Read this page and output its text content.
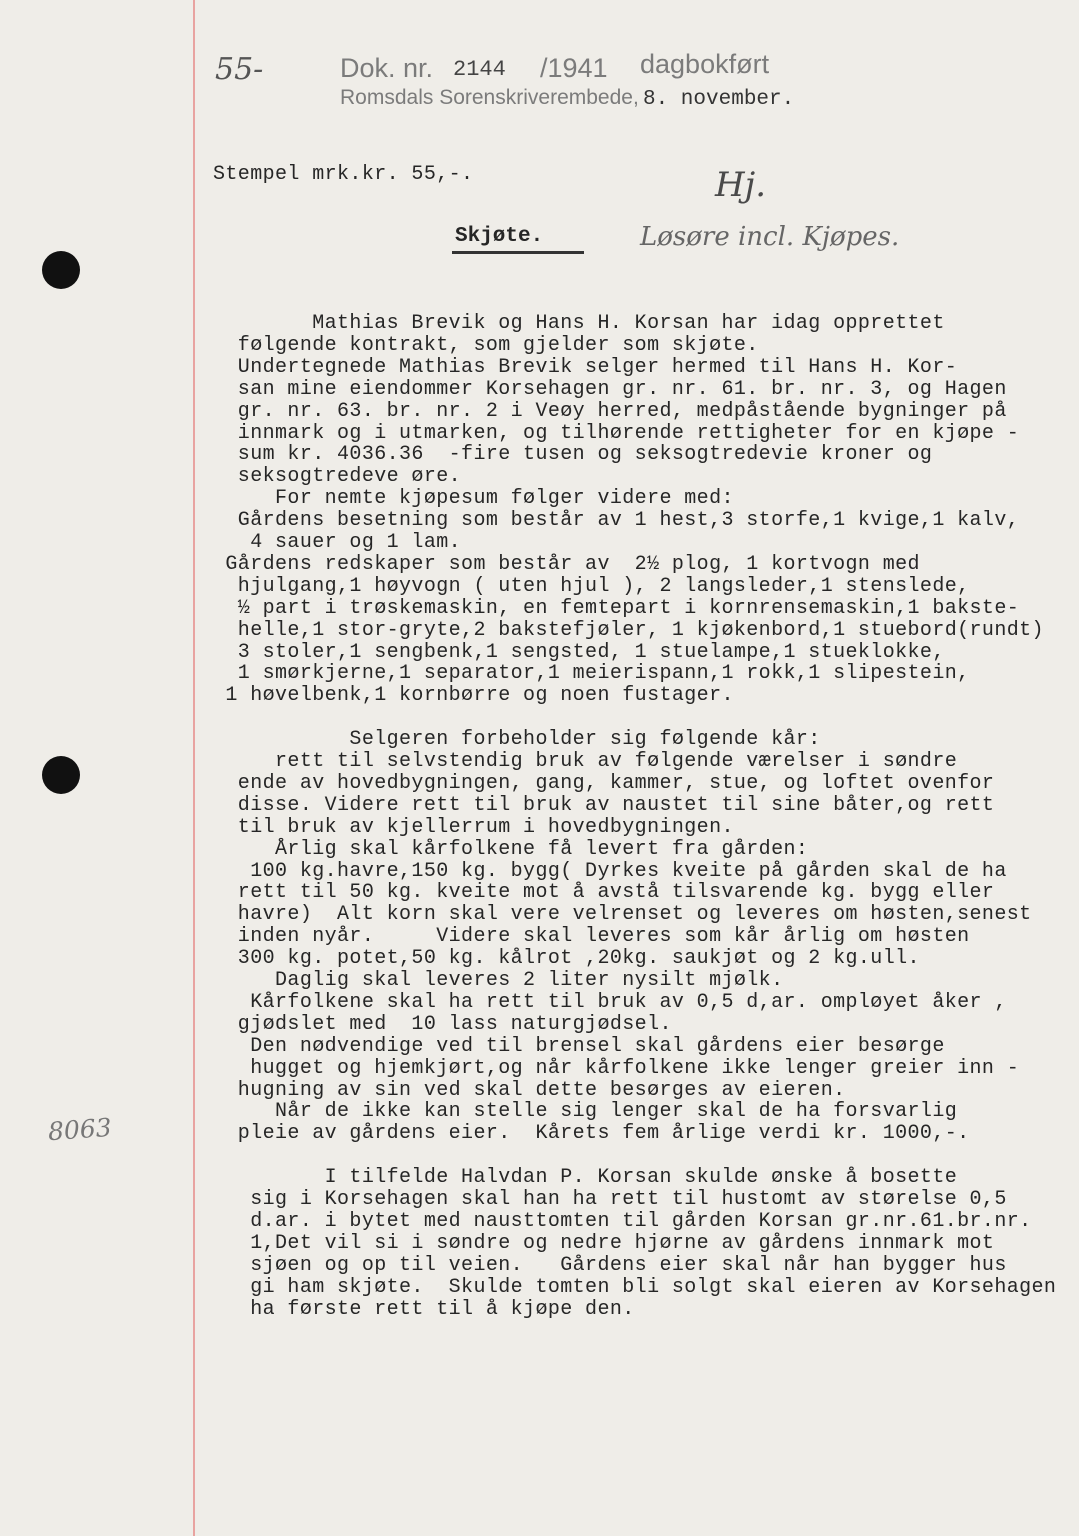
55-	Dok. nr. 2144 /1941 dagbokført
Romsdals Sorenskriverembede, 8. november.
Stempel mrk.kr. 55,-.	Hj.
Skjøte.	Løsøre incl. Kjøpes.
Mathias Brevik og Hans H. Korsan har idag opprettet
følgende kontrakt, som gjelder som skjøte.
Undertegnede Mathias Brevik selger hermed til Hans H. Kor-
san mine eiendommer Korsehagen gr. nr. 61. br. nr. 3, og Hagen
gr. nr. 63. br. nr. 2 i Veøy herred, medpåstående bygninger på
innmark og i utmarken, og tilhørende rettigheter for en kjøpe -
sum kr. 4036.36  -fire tusen og seksogtredevie kroner og
seksogtredeve øre.
For nemte kjøpesum følger videre med:
Gårdens besetning som består av 1 hest,3 storfe,1 kvige,1 kalv,
4 sauer og 1 lam.
Gårdens redskaper som består av  2½ plog, 1 kortvogn med
hjulgang,1 høyvogn ( uten hjul ), 2 langsleder,1 stenslede,
½ part i trøskemaskin, en femtepart i kornrensemaskin,1 bakste-
helle,1 stor-gryte,2 bakstefjøler, 1 kjøkenbord,1 stuebord(rundt)
3 stoler,1 sengbenk,1 sengsted, 1 stuelampe,1 stueklokke,
1 smørkjerne,1 separator,1 meierispann,1 rokk,1 slipestein,
1 høvelbenk,1 kornbørre og noen fustager.
Selgeren forbeholder sig følgende kår:
rett til selvstendig bruk av følgende værelser i søndre
ende av hovedbygningen, gang, kammer, stue, og loftet ovenfor
disse. Videre rett til bruk av naustet til sine båter,og rett
til bruk av kjellerrum i hovedbygningen.
Årlig skal kårfolkene få levert fra gården:
100 kg.havre,150 kg. bygg( Dyrkes kveite på gården skal de ha
rett til 50 kg. kveite mot å avstå tilsvarende kg. bygg eller
havre)  Alt korn skal vere velrenset og leveres om høsten,senest
inden nyår.     Videre skal leveres som kår årlig om høsten
300 kg. potet,50 kg. kålrot ,20kg. saukjøt og 2 kg.ull.
Daglig skal leveres 2 liter nysilt mjølk.
Kårfolkene skal ha rett til bruk av 0,5 d,ar. ompløyet åker ,
gjødslet med  10 lass naturgjødsel.
Den nødvendige ved til brensel skal gårdens eier besørge
hugget og hjemkjørt,og når kårfolkene ikke lenger greier inn -
hugning av sin ved skal dette besørges av eieren.
Når de ikke kan stelle sig lenger skal de ha forsvarlig
pleie av gårdens eier.  Kårets fem årlige verdi kr. 1000,-.
I tilfelde Halvdan P. Korsan skulde ønske å bosette
sig i Korsehagen skal han ha rett til hustomt av størelse 0,5
d.ar. i bytet med nausttomten til gården Korsan gr.nr.61.br.nr.
1,Det vil si i søndre og nedre hjørne av gårdens innmark mot
sjøen og op til veien.   Gårdens eier skal når han bygger hus
gi ham skjøte.  Skulde tomten bli solgt skal eieren av Korsehagen
ha første rett til å kjøpe den.
8063
